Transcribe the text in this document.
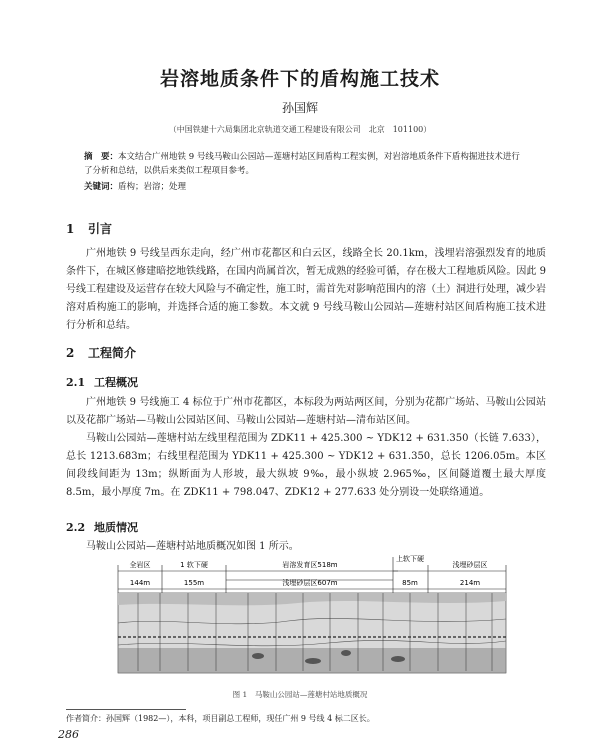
岩溶地质条件下的盾构施工技术
孙国辉
（中国铁建十六局集团北京轨道交通工程建设有限公司　北京　101100）
摘　要：本文结合广州地铁 9 号线马鞍山公园站—莲塘村站区间盾构工程实例，对岩溶地质条件下盾构掘进技术进行了分析和总结，以供后来类似工程项目参考。
关键词：盾构；岩溶；处理
1 引言
广州地铁 9 号线呈西东走向，经广州市花都区和白云区，线路全长 20.1km，浅埋岩溶强烈发育的地质条件下，在城区修建暗挖地铁线路，在国内尚属首次，暂无成熟的经验可循，存在极大工程地质风险。因此 9 号线工程建设及运营存在较大风险与不确定性，施工时，需首先对影响范围内的溶（土）洞进行处理，减少岩溶对盾构施工的影响，并选择合适的施工参数。本文就 9 号线马鞍山公园站—莲塘村站区间盾构施工技术进行分析和总结。
2 工程简介
2.1 工程概况
广州地铁 9 号线施工 4 标位于广州市花都区，本标段为两站两区间，分别为花都广场站、马鞍山公园站以及花都广场站—马鞍山公园站区间、马鞍山公园站—莲塘村站—清布站区间。
马鞍山公园站—莲塘村站左线里程范围为 ZDK11 + 425.300 ~ YDK12 + 631.350（长链 7.633），总长 1213.683m；右线里程范围为 YDK11 + 425.300 ~ YDK12 + 631.350，总长 1206.05m。本区间段线间距为 13m；纵断面为人形坡，最大纵坡 9‰，最小纵坡 2.965‰，区间隧道覆土最大厚度 8.5m，最小厚度 7m。在 ZDK11 + 798.047、ZDK12 + 277.633 处分别设一处联络通道。
2.2 地质情况
马鞍山公园站—莲塘村站地质概况如图 1 所示。
全岩区	1 软下硬	岩溶发育区518m
上软下硬
浅埋砂层区
144m	155m	85m	214m
浅埋砂层区607m
图 1　马鞍山公园站—莲塘村站地质概况
作者简介：孙国辉（1982—），本科，项目副总工程师，现任广州 9 号线 4 标二区长。
286
